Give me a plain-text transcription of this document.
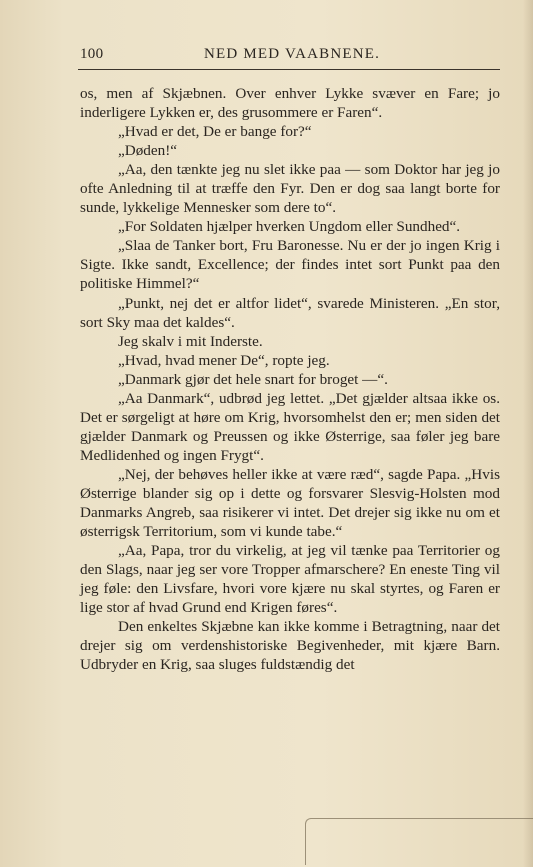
100	NED MED VAABNENE.

os, men af Skjæbnen. Over enhver Lykke svæver en Fare; jo inderligere Lykken er, des grusommere er Faren“.

„Hvad er det, De er bange for?“

„Døden!“

„Aa, den tænkte jeg nu slet ikke paa — som Doktor har jeg jo ofte Anledning til at træffe den Fyr. Den er dog saa langt borte for sunde, lykkelige Mennesker som dere to“.

„For Soldaten hjælper hverken Ungdom eller Sundhed“.

„Slaa de Tanker bort, Fru Baronesse. Nu er der jo ingen Krig i Sigte. Ikke sandt, Excellence; der findes intet sort Punkt paa den politiske Himmel?“

„Punkt, nej det er altfor lidet“, svarede Ministeren. „En stor, sort Sky maa det kaldes“.

Jeg skalv i mit Inderste.

„Hvad, hvad mener De“, ropte jeg.

„Danmark gjør det hele snart for broget —“.

„Aa Danmark“, udbrød jeg lettet. „Det gjælder altsaa ikke os. Det er sørgeligt at høre om Krig, hvorsomhelst den er; men siden det gjælder Danmark og Preussen og ikke Østerrige, saa føler jeg bare Medlidenhed og ingen Frygt“.

„Nej, der behøves heller ikke at være ræd“, sagde Papa. „Hvis Østerrige blander sig op i dette og forsvarer Slesvig-Holsten mod Danmarks Angreb, saa risikerer vi intet. Det drejer sig ikke nu om et østerrigsk Territorium, som vi kunde tabe.“

„Aa, Papa, tror du virkelig, at jeg vil tænke paa Territorier og den Slags, naar jeg ser vore Tropper afmarschere? En eneste Ting vil jeg føle: den Livsfare, hvori vore kjære nu skal styrtes, og Faren er lige stor af hvad Grund end Krigen føres“.

Den enkeltes Skjæbne kan ikke komme i Betragtning, naar det drejer sig om verdenshistoriske Begivenheder, mit kjære Barn. Udbryder en Krig, saa sluges fuldstændig det
